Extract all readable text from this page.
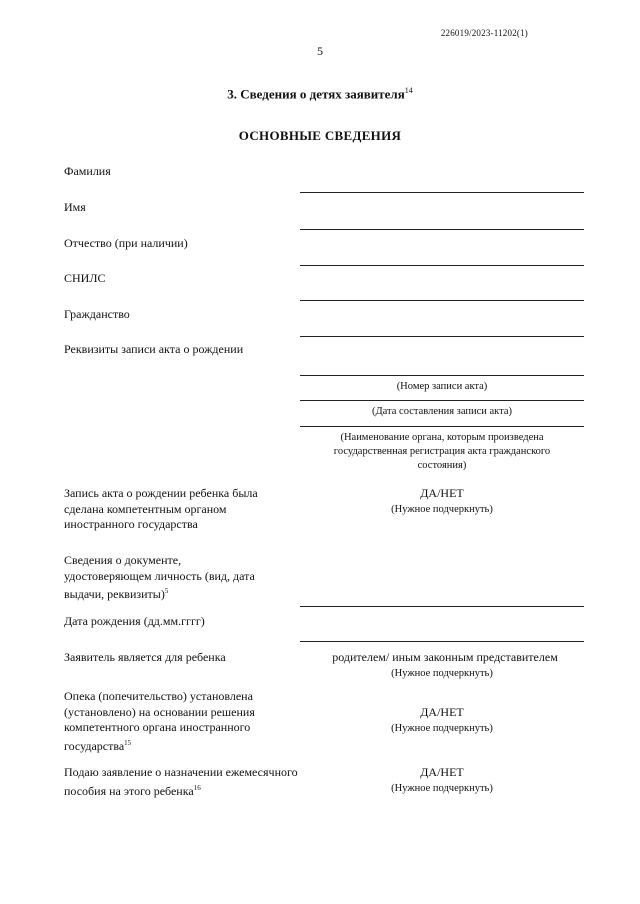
226019/2023-11202(1)
5
3. Сведения о детях заявителя$^{14}$
ОСНОВНЫЕ СВЕДЕНИЯ
Фамилия
Имя
Отчество (при наличии)
СНИЛС
Гражданство
Реквизиты записи акта о рождении
(Номер записи акта)
(Дата составления записи акта)
(Наименование органа, которым произведена государственная регистрация акта гражданского состояния)
Запись акта о рождении ребенка была сделана компетентным органом иностранного государства
ДА/НЕТ
(Нужное подчеркнуть)
Сведения о документе, удостоверяющем личность (вид, дата выдачи, реквизиты)$^5$
Дата рождения (дд.мм.гггг)
Заявитель является для ребенка	родителем/ иным законным представителем
(Нужное подчеркнуть)
Опека (попечительство) установлена (установлено) на основании решения компетентного органа иностранного государства$^{15}$
ДА/НЕТ
(Нужное подчеркнуть)
Подаю заявление о назначении ежемесячного пособия на этого ребенка$^{16}$
ДА/НЕТ
(Нужное подчеркнуть)
